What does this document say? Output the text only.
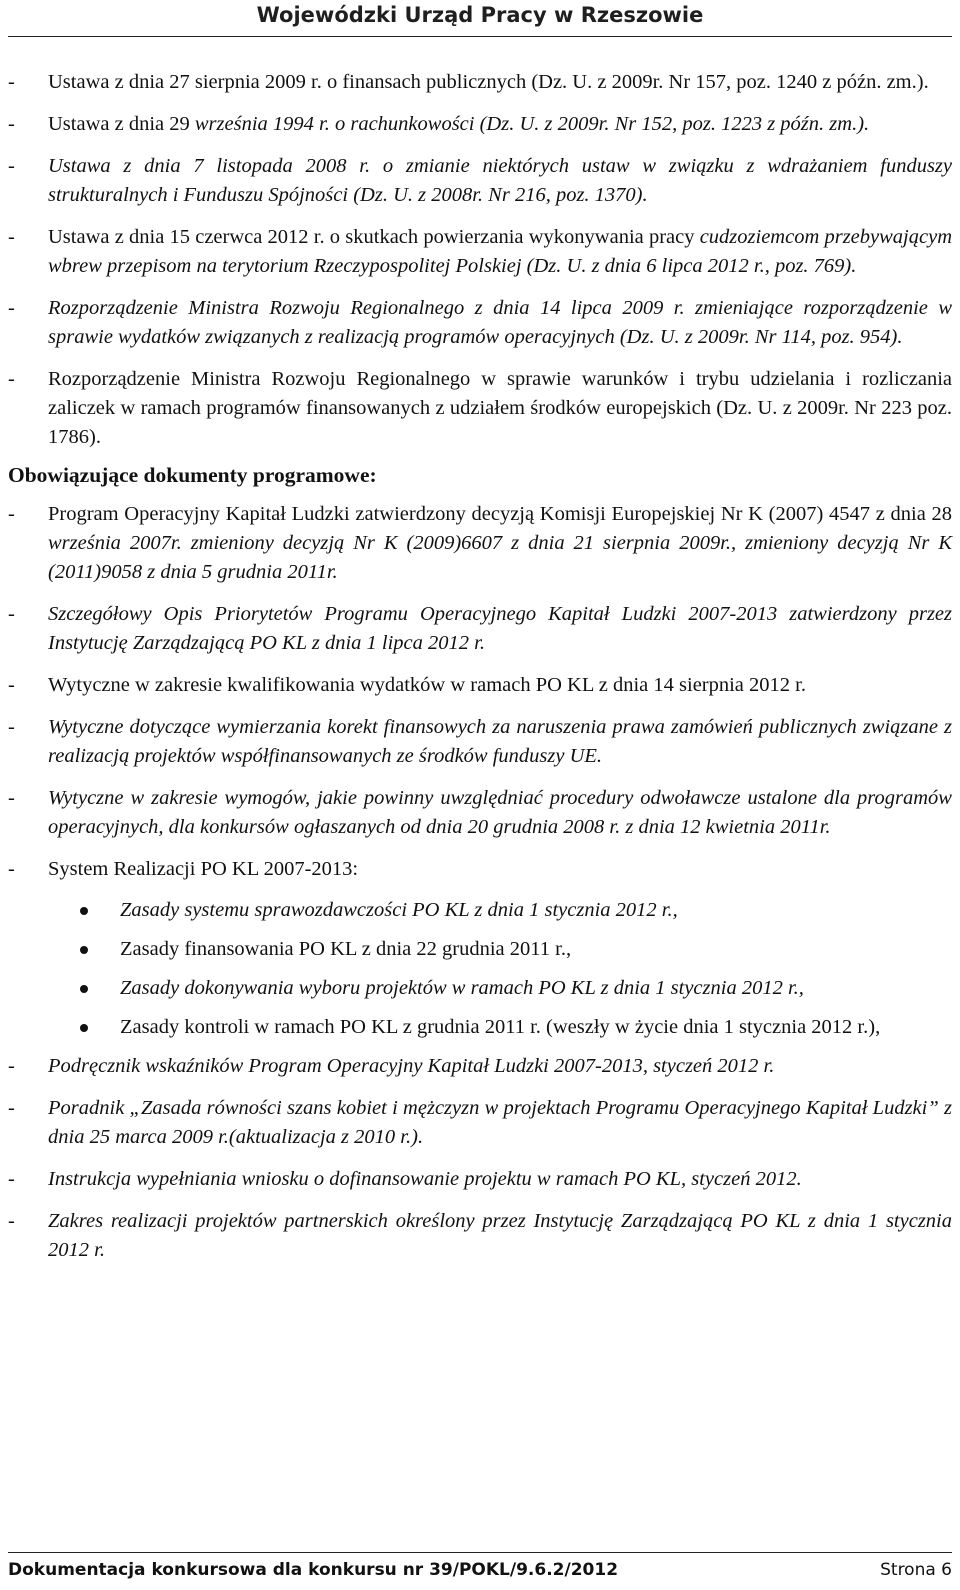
Wojewódzki Urząd Pracy w Rzeszowie
- Ustawa z dnia 27 sierpnia 2009 r. o finansach publicznych (Dz. U. z 2009r. Nr 157, poz. 1240 z późn. zm.).
- Ustawa z dnia 29 września 1994 r. o rachunkowości (Dz. U. z 2009r. Nr 152, poz. 1223 z późn. zm.).
- Ustawa z dnia 7 listopada 2008 r. o zmianie niektórych ustaw w związku z wdrażaniem funduszy strukturalnych i Funduszu Spójności (Dz. U. z 2008r. Nr 216, poz. 1370).
- Ustawa z dnia 15 czerwca 2012 r. o skutkach powierzania wykonywania pracy cudzoziemcom przebywającym wbrew przepisom na terytorium Rzeczypospolitej Polskiej (Dz. U. z dnia 6 lipca 2012 r., poz. 769).
- Rozporządzenie Ministra Rozwoju Regionalnego z dnia 14 lipca 2009 r. zmieniające rozporządzenie w sprawie wydatków związanych z realizacją programów operacyjnych (Dz. U. z 2009r. Nr 114, poz. 954).
- Rozporządzenie Ministra Rozwoju Regionalnego w sprawie warunków i trybu udzielania i rozliczania zaliczek w ramach programów finansowanych z udziałem środków europejskich (Dz. U. z 2009r. Nr 223 poz. 1786).
Obowiązujące dokumenty programowe:
- Program Operacyjny Kapitał Ludzki zatwierdzony decyzją Komisji Europejskiej Nr K (2007) 4547 z dnia 28 września 2007r. zmieniony decyzją Nr K (2009)6607 z dnia 21 sierpnia 2009r., zmieniony decyzją Nr K (2011)9058 z dnia 5 grudnia 2011r.
- Szczegółowy Opis Priorytetów Programu Operacyjnego Kapitał Ludzki 2007-2013 zatwierdzony przez Instytucję Zarządzającą PO KL z dnia 1 lipca 2012 r.
- Wytyczne w zakresie kwalifikowania wydatków w ramach PO KL z dnia 14 sierpnia 2012 r.
- Wytyczne dotyczące wymierzania korekt finansowych za naruszenia prawa zamówień publicznych związane z realizacją projektów współfinansowanych ze środków funduszy UE.
- Wytyczne w zakresie wymogów, jakie powinny uwzględniać procedury odwoławcze ustalone dla programów operacyjnych, dla konkursów ogłaszanych od dnia 20 grudnia 2008 r. z dnia 12 kwietnia 2011r.
- System Realizacji PO KL 2007-2013:
Zasady systemu sprawozdawczości PO KL z dnia 1 stycznia 2012 r.,
Zasady finansowania PO KL z dnia 22 grudnia 2011 r.,
Zasady dokonywania wyboru projektów w ramach PO KL z dnia 1 stycznia 2012 r.,
Zasady kontroli w ramach PO KL z grudnia 2011 r. (weszły w życie dnia 1 stycznia 2012 r.),
- Podręcznik wskaźników Program Operacyjny Kapitał Ludzki 2007-2013, styczeń 2012 r.
- Poradnik „Zasada równości szans kobiet i mężczyzn w projektach Programu Operacyjnego Kapitał Ludzki” z dnia 25 marca 2009 r.(aktualizacja z 2010 r.).
- Instrukcja wypełniania wniosku o dofinansowanie projektu w ramach PO KL, styczeń 2012.
- Zakres realizacji projektów partnerskich określony przez Instytucję Zarządzającą PO KL z dnia 1 stycznia 2012 r.
Dokumentacja konkursowa dla konkursu nr 39/POKL/9.6.2/2012	Strona 6
